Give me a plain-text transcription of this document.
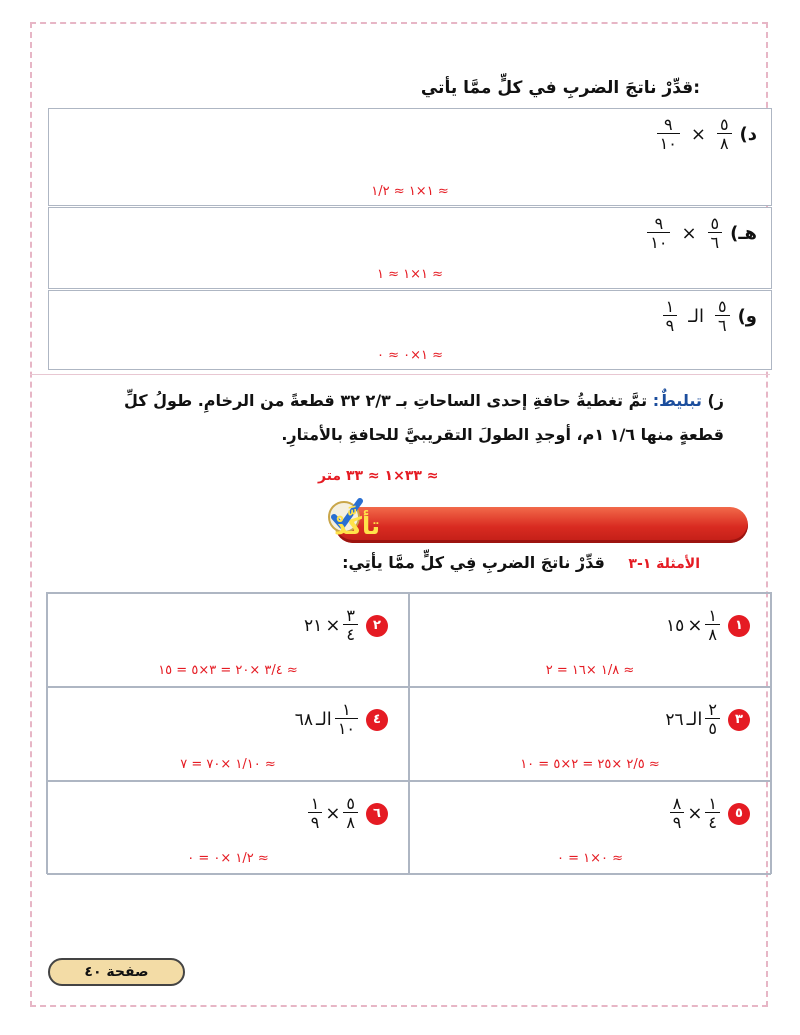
قدِّرْ ناتجَ الضربِ في كلٍّ ممَّا يأتي:
د)
$\frac{٥}{٨}$
×
$\frac{٩}{١٠}$
≈ ١×١ ≈ ١/٢
هـ)
$\frac{٥}{٦}$
×
$\frac{٩}{١٠}$
≈ ١×١ ≈ ١
و)
$\frac{٥}{٦}$
الـ
$\frac{١}{٩}$
≈ ١×٠ ≈ ٠
ز) تبليطٌ: تمَّ تغطيةُ حافةِ إحدى الساحاتِ بـ ٢/٣ ٣٢ قطعةً من الرخامِ. طولُ كلِّ قطعةٍ منها ١/٦ ١م، أوجدِ الطولَ التقريبيَّ للحافةِ بالأمتارِ.
≈ ٣٣×١ ≈ ٣٣ متر
تأكَّدْ
الأمثلة ١-٣ قدِّرْ ناتجَ الضربِ فِي كلٍّ ممَّا يأتِي:
١
$\frac{١}{٨}$
×
١٥
≈ ١/٨ ×١٦ = ٢
٢
$\frac{٣}{٤}$
×
٢١
≈ ٣/٤ ×٢٠ = ٣×٥ = ١٥
٣
$\frac{٢}{٥}$
الـ
٢٦
≈ ٢/٥ ×٢٥ = ٢×٥ = ١٠
٤
$\frac{١}{١٠}$
الـ
٦٨
≈ ١/١٠ ×٧٠ = ٧
٥
$\frac{١}{٤}$
×
$\frac{٨}{٩}$
≈ ٠×١ = ٠
٦
$\frac{٥}{٨}$
×
$\frac{١}{٩}$
≈ ١/٢ ×٠ = ٠
صفحة ٤٠
